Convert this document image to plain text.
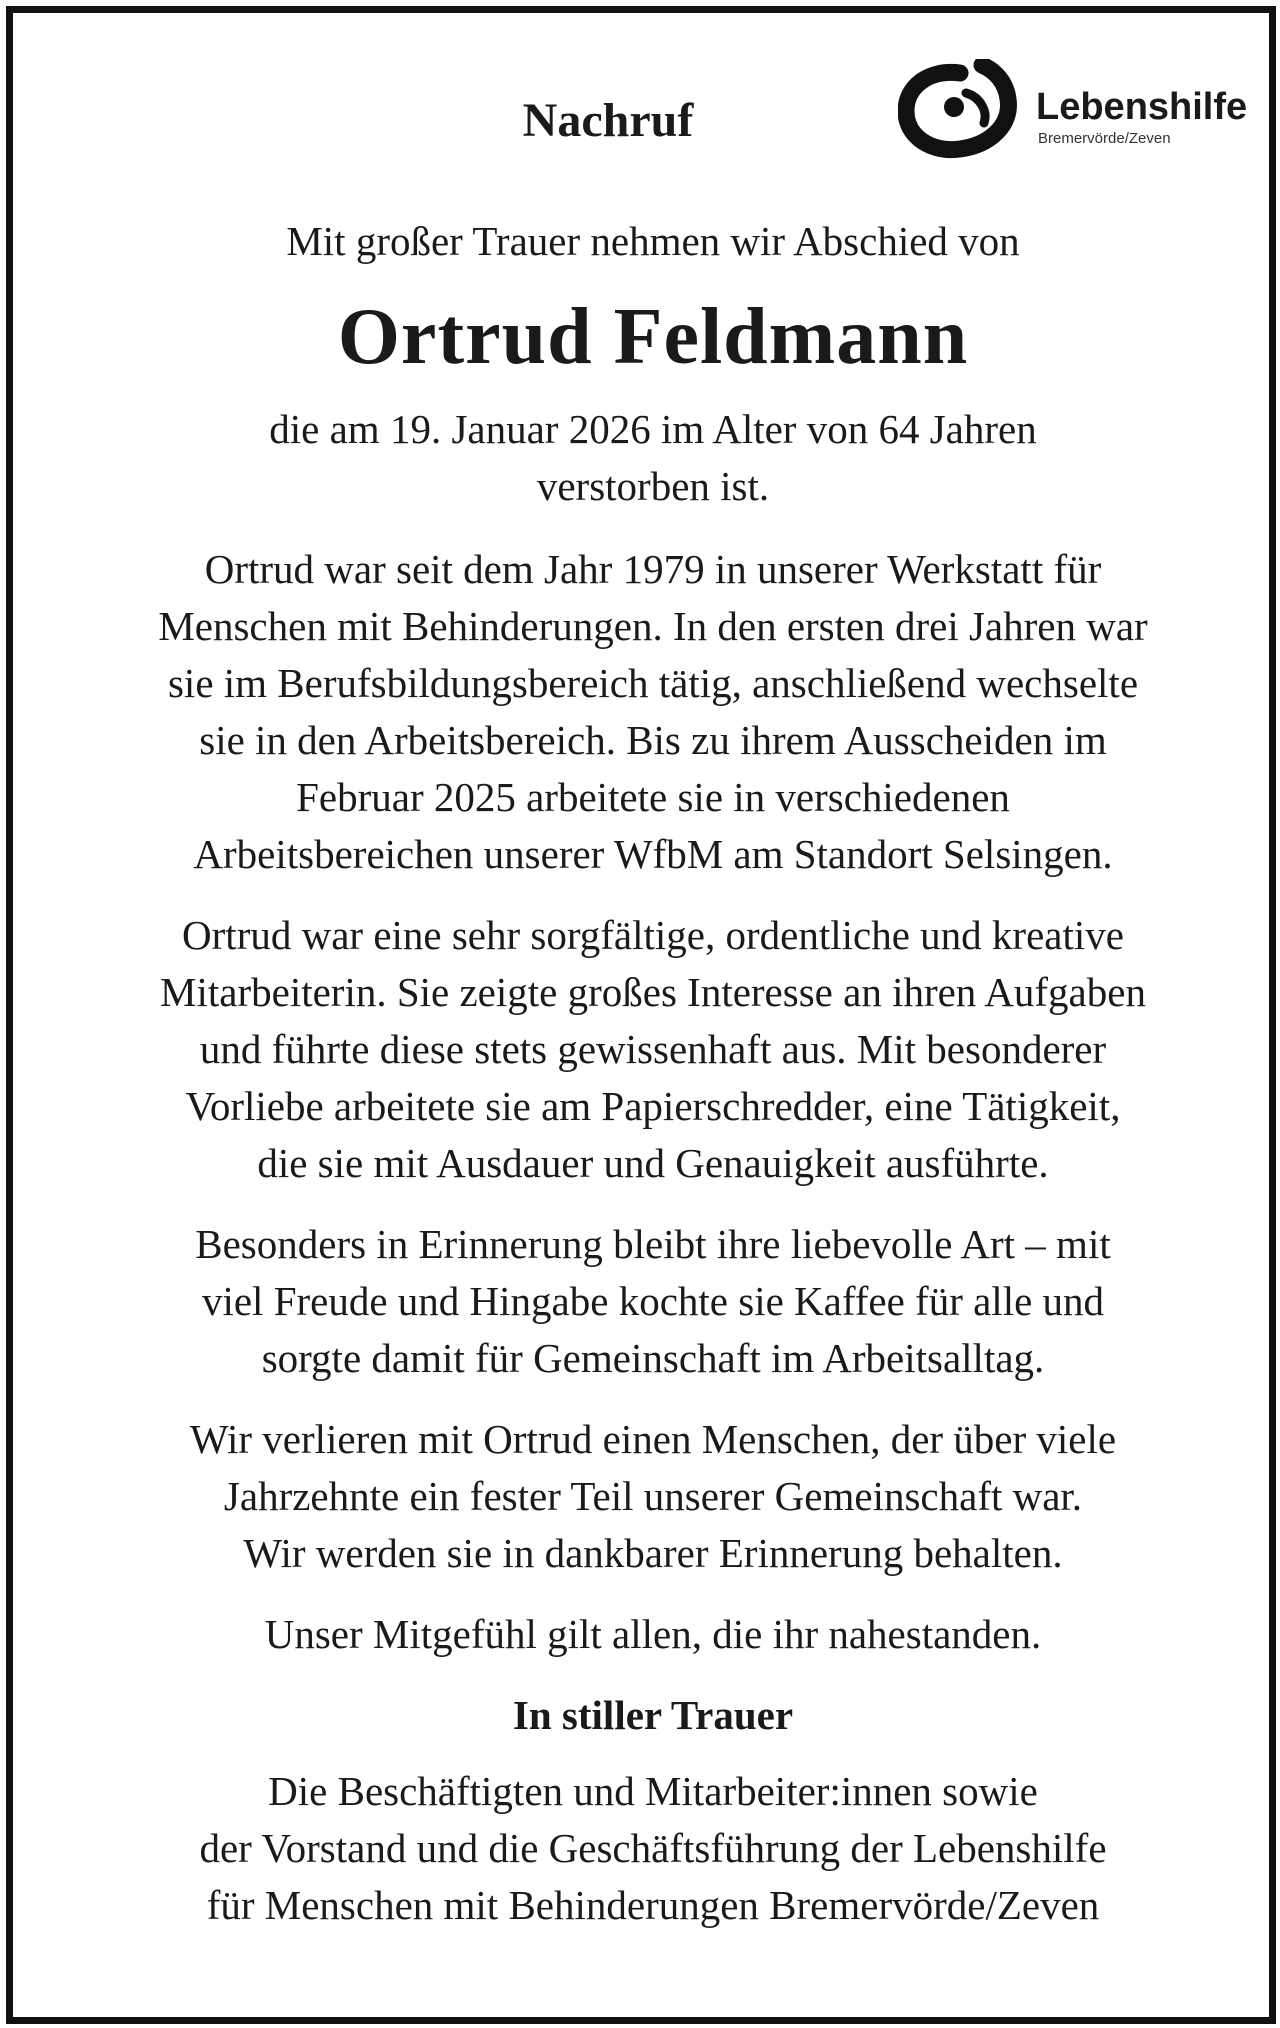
Nachruf	Lebenshilfe
Bremervörde/Zeven

Mit großer Trauer nehmen wir Abschied von

Ortrud Feldmann

die am 19. Januar 2026 im Alter von 64 Jahren
verstorben ist.

Ortrud war seit dem Jahr 1979 in unserer Werkstatt für
Menschen mit Behinderungen. In den ersten drei Jahren war
sie im Berufsbildungsbereich tätig, anschließend wechselte
sie in den Arbeitsbereich. Bis zu ihrem Ausscheiden im
Februar 2025 arbeitete sie in verschiedenen
Arbeitsbereichen unserer WfbM am Standort Selsingen.

Ortrud war eine sehr sorgfältige, ordentliche und kreative
Mitarbeiterin. Sie zeigte großes Interesse an ihren Aufgaben
und führte diese stets gewissenhaft aus. Mit besonderer
Vorliebe arbeitete sie am Papierschredder, eine Tätigkeit,
die sie mit Ausdauer und Genauigkeit ausführte.

Besonders in Erinnerung bleibt ihre liebevolle Art – mit
viel Freude und Hingabe kochte sie Kaffee für alle und
sorgte damit für Gemeinschaft im Arbeitsalltag.

Wir verlieren mit Ortrud einen Menschen, der über viele
Jahrzehnte ein fester Teil unserer Gemeinschaft war.
Wir werden sie in dankbarer Erinnerung behalten.

Unser Mitgefühl gilt allen, die ihr nahestanden.

In stiller Trauer

Die Beschäftigten und Mitarbeiter:innen sowie
der Vorstand und die Geschäftsführung der Lebenshilfe
für Menschen mit Behinderungen Bremervörde/Zeven
